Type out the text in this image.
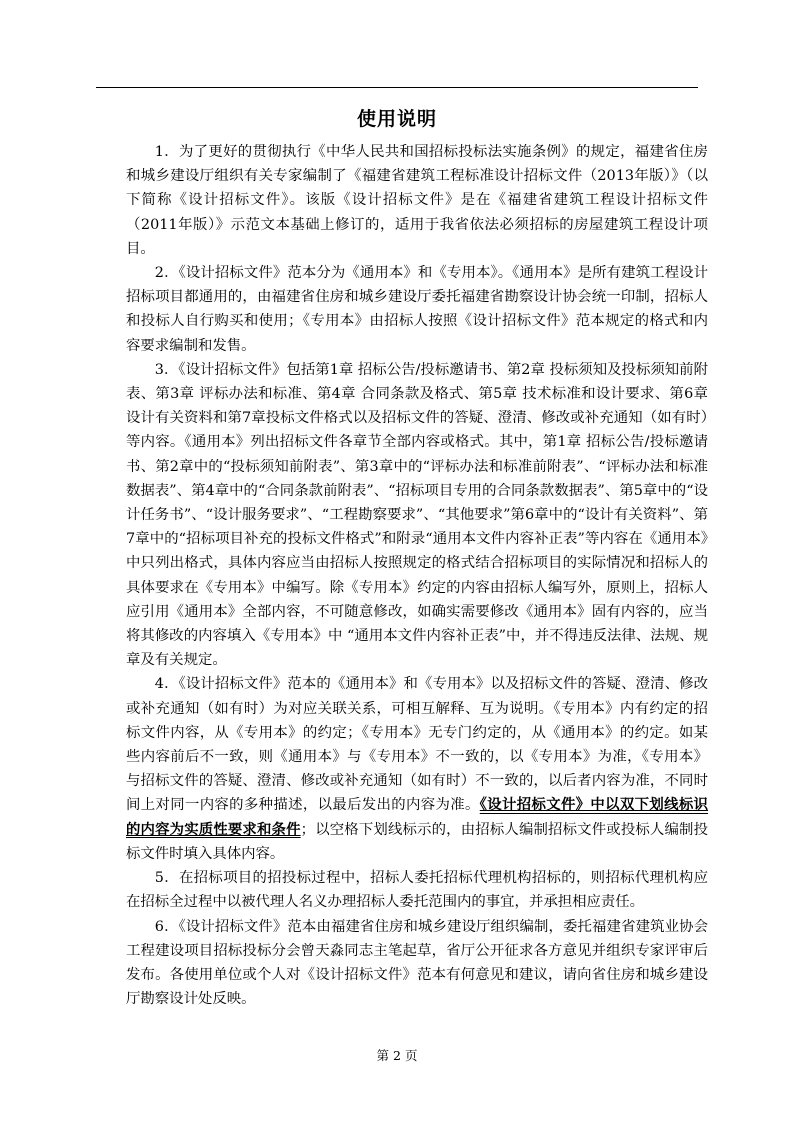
使用说明

1．为了更好的贯彻执行《中华人民共和国招标投标法实施条例》的规定，福建省住房和城乡建设厅组织有关专家编制了《福建省建筑工程标准设计招标文件（2013年版）》（以下简称《设计招标文件》。该版《设计招标文件》是在《福建省建筑工程设计招标文件（2011年版）》示范文本基础上修订的，适用于我省依法必须招标的房屋建筑工程设计项目。

2．《设计招标文件》范本分为《通用本》和《专用本》。《通用本》是所有建筑工程设计招标项目都通用的，由福建省住房和城乡建设厅委托福建省勘察设计协会统一印制，招标人和投标人自行购买和使用；《专用本》由招标人按照《设计招标文件》范本规定的格式和内容要求编制和发售。

3．《设计招标文件》包括第1章 招标公告/投标邀请书、第2章 投标须知及投标须知前附表、第3章 评标办法和标准、第4章 合同条款及格式、第5章 技术标准和设计要求、第6章设计有关资料和第7章投标文件格式以及招标文件的答疑、澄清、修改或补充通知（如有时）等内容。《通用本》列出招标文件各章节全部内容或格式。其中，第1章 招标公告/投标邀请书、第2章中的“投标须知前附表”、第3章中的“评标办法和标准前附表”、“评标办法和标准数据表”、第4章中的“合同条款前附表”、“招标项目专用的合同条款数据表”、第5章中的“设计任务书”、“设计服务要求”、“工程勘察要求”、“其他要求”第6章中的“设计有关资料”、第7章中的“招标项目补充的投标文件格式”和附录“通用本文件内容补正表”等内容在《通用本》中只列出格式，具体内容应当由招标人按照规定的格式结合招标项目的实际情况和招标人的具体要求在《专用本》中编写。除《专用本》约定的内容由招标人编写外，原则上，招标人应引用《通用本》全部内容，不可随意修改，如确实需要修改《通用本》固有内容的，应当将其修改的内容填入《专用本》中 “通用本文件内容补正表”中，并不得违反法律、法规、规章及有关规定。

4．《设计招标文件》范本的《通用本》和《专用本》以及招标文件的答疑、澄清、修改或补充通知（如有时）为对应关联关系，可相互解释、互为说明。《专用本》内有约定的招标文件内容，从《专用本》的约定；《专用本》无专门约定的，从《通用本》的约定。如某些内容前后不一致，则《通用本》与《专用本》不一致的，以《专用本》为准，《专用本》与招标文件的答疑、澄清、修改或补充通知（如有时）不一致的，以后者内容为准，不同时间上对同一内容的多种描述，以最后发出的内容为准。《设计招标文件》中以双下划线标识的内容为实质性要求和条件；以空格下划线标示的，由招标人编制招标文件或投标人编制投标文件时填入具体内容。

5．在招标项目的招投标过程中，招标人委托招标代理机构招标的，则招标代理机构应在招标全过程中以被代理人名义办理招标人委托范围内的事宜，并承担相应责任。

6．《设计招标文件》范本由福建省住房和城乡建设厅组织编制，委托福建省建筑业协会工程建设项目招标投标分会曾天淼同志主笔起草，省厅公开征求各方意见并组织专家评审后发布。各使用单位或个人对《设计招标文件》范本有何意见和建议，请向省住房和城乡建设厅勘察设计处反映。

第 2 页
